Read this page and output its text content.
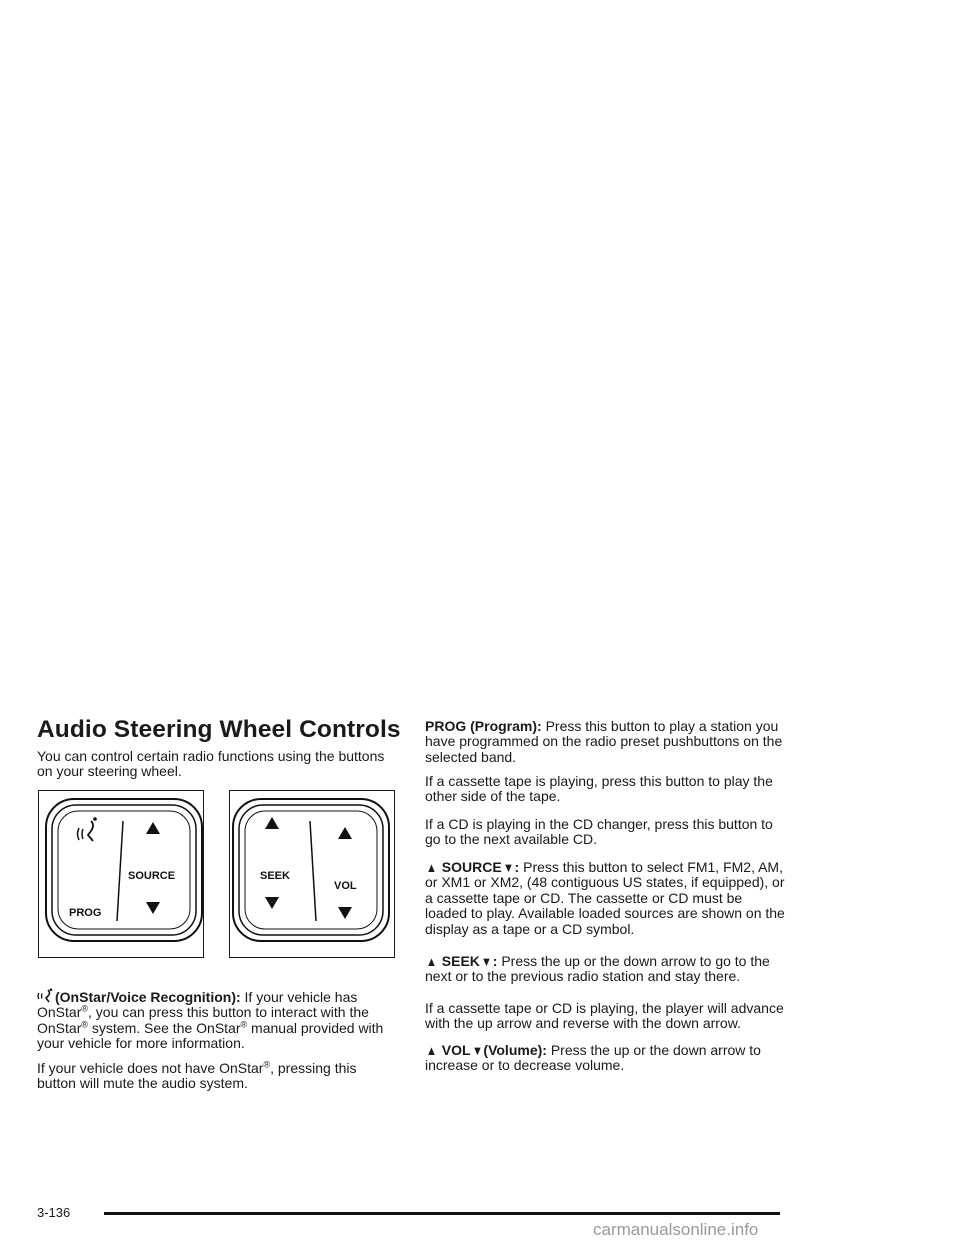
Audio Steering Wheel Controls

You can control certain radio functions using the buttons on your steering wheel.

PROG
SOURCE	SEEK
VOL

(OnStar/Voice Recognition): If your vehicle has OnStar®, you can press this button to interact with the OnStar® system. See the OnStar® manual provided with your vehicle for more information.

If your vehicle does not have OnStar®, pressing this button will mute the audio system.

PROG (Program): Press this button to play a station you have programmed on the radio preset pushbuttons on the selected band.

If a cassette tape is playing, press this button to play the other side of the tape.

If a CD is playing in the CD changer, press this button to go to the next available CD.

▲ SOURCE▼: Press this button to select FM1, FM2, AM, or XM1 or XM2, (48 contiguous US states, if equipped), or a cassette tape or CD. The cassette or CD must be loaded to play. Available loaded sources are shown on the display as a tape or a CD symbol.

▲ SEEK▼: Press the up or the down arrow to go to the next or to the previous radio station and stay there.

If a cassette tape or CD is playing, the player will advance with the up arrow and reverse with the down arrow.

▲ VOL▼(Volume): Press the up or the down arrow to increase or to decrease volume.

3-136
carmanualsonline.info
